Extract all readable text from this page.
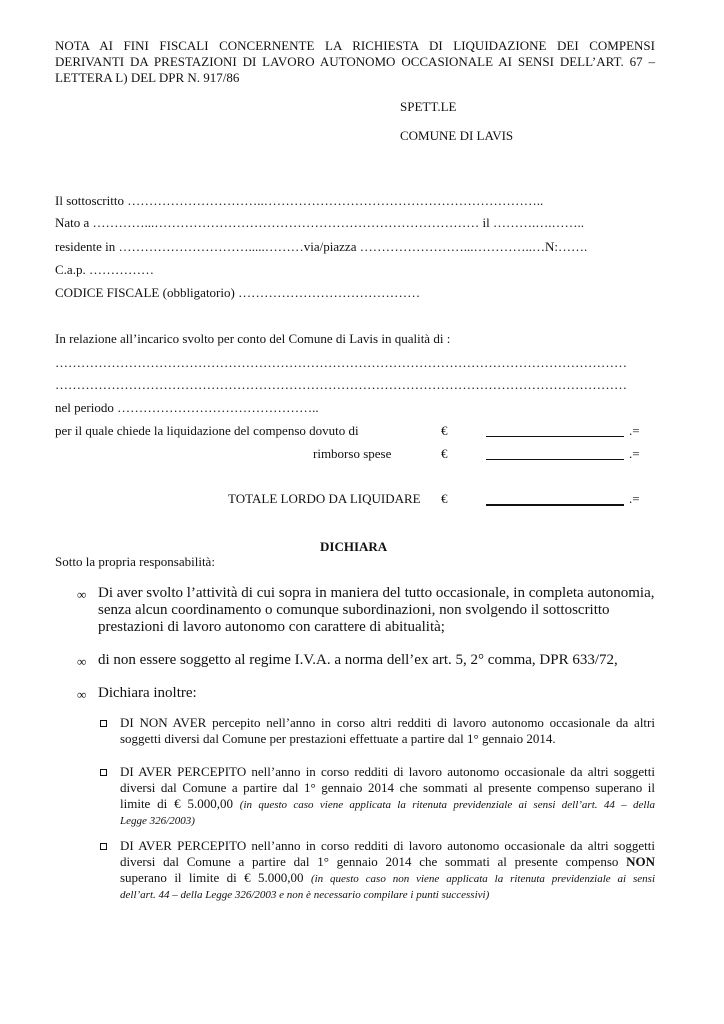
NOTA AI FINI FISCALI CONCERNENTE LA RICHIESTA DI LIQUIDAZIONE DEI COMPENSI
DERIVANTI DA PRESTAZIONI DI LAVORO AUTONOMO OCCASIONALE AI SENSI DELL’ART. 67 –
LETTERA L) DEL DPR N. 917/86
SPETT.LE
COMUNE DI LAVIS
Il sottoscritto …………………………..………………………………………………………..
Nato a …………...………………………………………………………………… il ……….….……..
residente in ………………………….....………via/piazza ……………………...…………..…N:…….
C.a.p. ……………
CODICE FISCALE (obbligatorio) ……………………………………
In relazione all’incarico svolto per conto del Comune di Lavis in qualità di :
……………………………………………………………………………………………………………………
……………………………………………………………………………………………………………………
nel periodo ………………………………………..
per il quale chiede la liquidazione del compenso dovuto di	€	.=
rimborso spese	€	.=
TOTALE LORDO DA LIQUIDARE €	.=
DICHIARA
Sotto la propria responsabilità:
∞ Di aver svolto l’attività di cui sopra in maniera del tutto occasionale, in completa autonomia,
senza alcun coordinamento o comunque subordinazioni, non svolgendo il sottoscritto
prestazioni di lavoro autonomo con carattere di abitualità;
∞ di non essere soggetto al regime I.V.A. a norma dell’ex art. 5, 2° comma, DPR 633/72,
∞ Dichiara inoltre:
DI NON AVER percepito nell’anno in corso altri redditi di lavoro autonomo occasionale da altri
soggetti diversi dal Comune per prestazioni effettuate a partire dal 1° gennaio 2014.
DI AVER PERCEPITO nell’anno in corso redditi di lavoro autonomo occasionale da altri soggetti
diversi dal Comune a partire dal 1° gennaio 2014 che sommati al presente compenso superano il
limite di € 5.000,00 (in questo caso viene applicata la ritenuta previdenziale ai sensi dell’art. 44 – della
Legge 326/2003)
DI AVER PERCEPITO nell’anno in corso redditi di lavoro autonomo occasionale da altri soggetti
diversi dal Comune a partire dal 1° gennaio 2014 che sommati al presente compenso NON
superano il limite di € 5.000,00 (in questo caso non viene applicata la ritenuta previdenziale ai sensi
dell’art. 44 – della Legge 326/2003 e non è necessario compilare i punti successivi)
